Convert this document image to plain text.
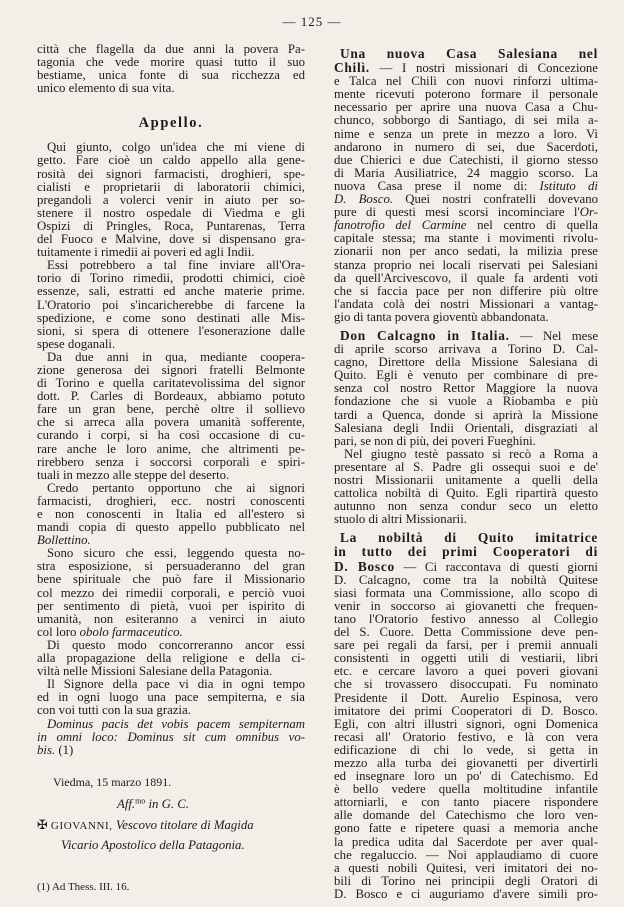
— 125 —
città che flagella da due anni la povera Pa-
tagonia che vede morire quasi tutto il suo
bestiame, unica fonte di sua ricchezza ed
unico elemento di sua vita.
Appello.
Qui giunto, colgo un'idea che mi viene di
getto. Fare cioè un caldo appello alla gene-
rosità dei signori farmacisti, droghieri, spe-
cialisti e proprietarii di laboratorii chimici,
pregandoli a volerci venir in aiuto per so-
stenere il nostro ospedale di Viedma e gli
Ospizi di Pringles, Roca, Puntarenas, Terra
del Fuoco e Malvine, dove si dispensano gra-
tuitamente i rimedii ai poveri ed agli Indii.
Essi potrebbero a tal fine inviare all'Ora-
torio di Torino rimedii, prodotti chimici, cioè
essenze, sali, estratti ed anche materie prime.
L'Oratorio poi s'incaricherebbe di farcene la
spedizione, e come sono destinati alle Mis-
sioni, si spera di ottenere l'esonerazione dalle
spese doganali.
Da due anni in qua, mediante coopera-
zione generosa dei signori fratelli Belmonte
di Torino e quella caritatevolissima del signor
dott. P. Carles di Bordeaux, abbiamo potuto
fare un gran bene, perchè oltre il sollievo
che si arreca alla povera umanità sofferente,
curando i corpi, si ha così occasione di cu-
rare anche le loro anime, che altrimenti pe-
rirebbero senza i soccorsi corporali e spiri-
tuali in mezzo alle steppe del deserto.
Credo pertanto opportuno che ai signori
farmacisti, droghieri, ecc. nostri conoscenti
e non conoscenti in Italia ed all'estero si
mandi copia di questo appello pubblicato nel
Bollettino.
Sono sicuro che essi, leggendo questa no-
stra esposizione, si persuaderanno del gran
bene spirituale che può fare il Missionario
col mezzo dei rimedii corporali, e perciò vuoi
per sentimento di pietà, vuoi per ispirito di
umanità, non esiteranno a venirci in aiuto
col loro obolo farmaceutico.
Di questo modo concorreranno ancor essi
alla propagazione della religione e della ci-
viltà nelle Missioni Salesiane della Patagonia.
Il Signore della pace vi dia in ogni tempo
ed in ogni luogo una pace sempiterna, e sia
con voi tutti con la sua grazia.
Dominus pacis det vobis pacem sempiternam
in omni loco: Dominus sit cum omnibus vo-
bis. (1)
Viedma, 15 marzo 1891.
Aff.$^{mo}$ in G. C.
✠ GIOVANNI, Vescovo titolare di Magida
Vicario Apostolico della Patagonia.
(1) Ad Thess. III. 16.
Una nuova Casa Salesiana nel
Chilì. — I nostri missionari di Concezione
e Talca nel Chilì con nuovi rinforzi ultima-
mente ricevuti poterono formare il personale
necessario per aprire una nuova Casa a Chu-
chunco, sobborgo di Santiago, di sei mila a-
nime e senza un prete in mezzo a loro. Vi
andarono in numero di sei, due Sacerdoti,
due Chierici e due Catechisti, il giorno stesso
di Maria Ausiliatrice, 24 maggio scorso. La
nuova Casa prese il nome di: Istituto di
D. Bosco. Quei nostri confratelli dovevano
pure di questi mesi scorsi incominciare l'Or-
fanotrofio del Carmine nel centro di quella
capitale stessa; ma stante i movimenti rivolu-
zionarii non per anco sedati, la milizia prese
stanza proprio nei locali riservati pei Salesiani
da quell'Arcivescovo, il quale fa ardenti voti
che si faccia pace per non differire più oltre
l'andata colà dei nostri Missionari a vantag-
gio di tanta povera gioventù abbandonata.
Don Calcagno in Italia. — Nel mese
di aprile scorso arrivava a Torino D. Cal-
cagno, Direttore della Missione Salesiana di
Quito. Egli è venuto per combinare di pre-
senza col nostro Rettor Maggiore la nuova
fondazione che si vuole a Riobamba e più
tardi a Quenca, donde si aprirà la Missione
Salesiana degli Indii Orientali, disgraziati al
pari, se non di più, dei poveri Fueghini.
Nel giugno testè passato si recò a Roma a
presentare al S. Padre gli ossequi suoi e de'
nostri Missionarii unitamente a quelli della
cattolica nobiltà di Quito. Egli ripartirà questo
autunno non senza condur seco un eletto
stuolo di altri Missionarii.
La nobiltà di Quito imitatrice
in tutto dei primi Cooperatori di
D. Bosco — Ci raccontava di questi giorni
D. Calcagno, come tra la nobiltà Quitese
siasi formata una Commissione, allo scopo di
venir in soccorso ai giovanetti che frequen-
tano l'Oratorio festivo annesso al Collegio
del S. Cuore. Detta Commissione deve pen-
sare pei regali da farsi, per i premii annuali
consistenti in oggetti utili di vestiarii, libri
etc. e cercare lavoro a quei poveri giovani
che si trovassero disoccupati. Fu nominato
Presidente il Dott. Aurelio Espinosa, vero
imitatore dei primi Cooperatori di D. Bosco.
Egli, con altri illustri signori, ogni Domenica
recasi all' Oratorio festivo, e là con vera
edificazione di chi lo vede, si getta in
mezzo alla turba dei giovanetti per divertirli
ed insegnare loro un po' di Catechismo. Ed
è bello vedere quella moltitudine infantile
attorniarli, e con tanto piacere rispondere
alle domande del Catechismo che loro ven-
gono fatte e ripetere quasi a memoria anche
la predica udita dal Sacerdote per aver qual-
che regaluccio. — Noi applaudiamo di cuore
a questi nobili Quitesi, veri imitatori dei no-
bili di Torino nei principii degli Oratori di
D. Bosco e ci auguriamo d'avere simili pro-
